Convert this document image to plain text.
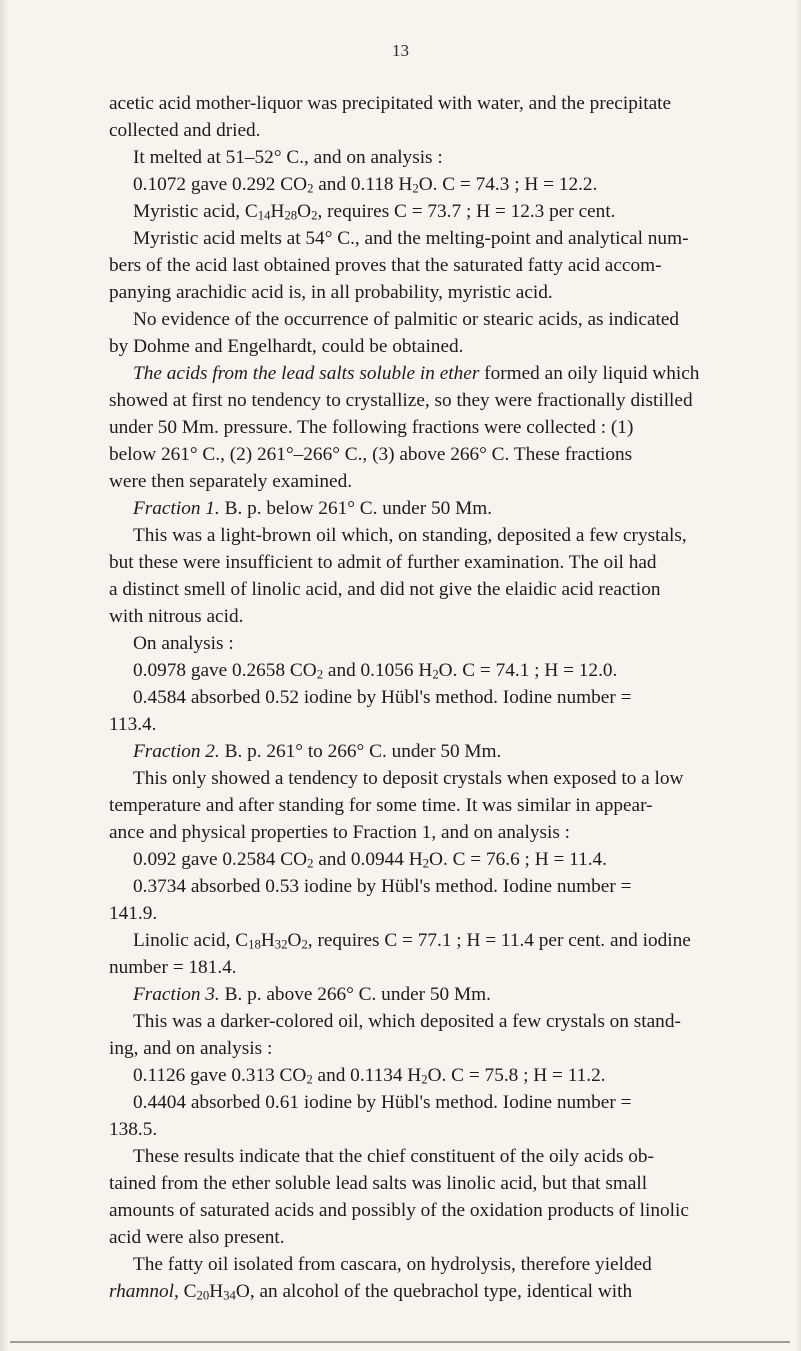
13

acetic acid mother-liquor was precipitated with water, and the precipitate

collected and dried.

It melted at 51–52° C., and on analysis :

0.1072 gave 0.292 $CO_2$ and 0.118 $H_2O$. C = 74.3 ; H = 12.2.

Myristic acid, $C_{14}H_{28}O_2$, requires C = 73.7 ; H = 12.3 per cent.

Myristic acid melts at 54° C., and the melting-point and analytical num-

bers of the acid last obtained proves that the saturated fatty acid accom-

panying arachidic acid is, in all probability, myristic acid.

No evidence of the occurrence of palmitic or stearic acids, as indicated

by Dohme and Engelhardt, could be obtained.

The acids from the lead salts soluble in ether formed an oily liquid which

showed at first no tendency to crystallize, so they were fractionally distilled

under 50 Mm. pressure. The following fractions were collected : (1)

below 261° C., (2) 261°–266° C., (3) above 266° C. These fractions

were then separately examined.

Fraction 1. B. p. below 261° C. under 50 Mm.

This was a light-brown oil which, on standing, deposited a few crystals,

but these were insufficient to admit of further examination. The oil had

a distinct smell of linolic acid, and did not give the elaidic acid reaction

with nitrous acid.

On analysis :

0.0978 gave 0.2658 $CO_2$ and 0.1056 $H_2O$. C = 74.1 ; H = 12.0.

0.4584 absorbed 0.52 iodine by Hübl's method. Iodine number =

113.4.

Fraction 2. B. p. 261° to 266° C. under 50 Mm.

This only showed a tendency to deposit crystals when exposed to a low

temperature and after standing for some time. It was similar in appear-

ance and physical properties to Fraction 1, and on analysis :

0.092 gave 0.2584 $CO_2$ and 0.0944 $H_2O$. C = 76.6 ; H = 11.4.

0.3734 absorbed 0.53 iodine by Hübl's method. Iodine number =

141.9.

Linolic acid, $C_{18}H_{32}O_2$, requires C = 77.1 ; H = 11.4 per cent. and iodine

number = 181.4.

Fraction 3. B. p. above 266° C. under 50 Mm.

This was a darker-colored oil, which deposited a few crystals on stand-

ing, and on analysis :

0.1126 gave 0.313 $CO_2$ and 0.1134 $H_2O$. C = 75.8 ; H = 11.2.

0.4404 absorbed 0.61 iodine by Hübl's method. Iodine number =

138.5.

These results indicate that the chief constituent of the oily acids ob-

tained from the ether soluble lead salts was linolic acid, but that small

amounts of saturated acids and possibly of the oxidation products of linolic

acid were also present.

The fatty oil isolated from cascara, on hydrolysis, therefore yielded

rhamnol, $C_{20}H_{34}O$, an alcohol of the quebrachol type, identical with
